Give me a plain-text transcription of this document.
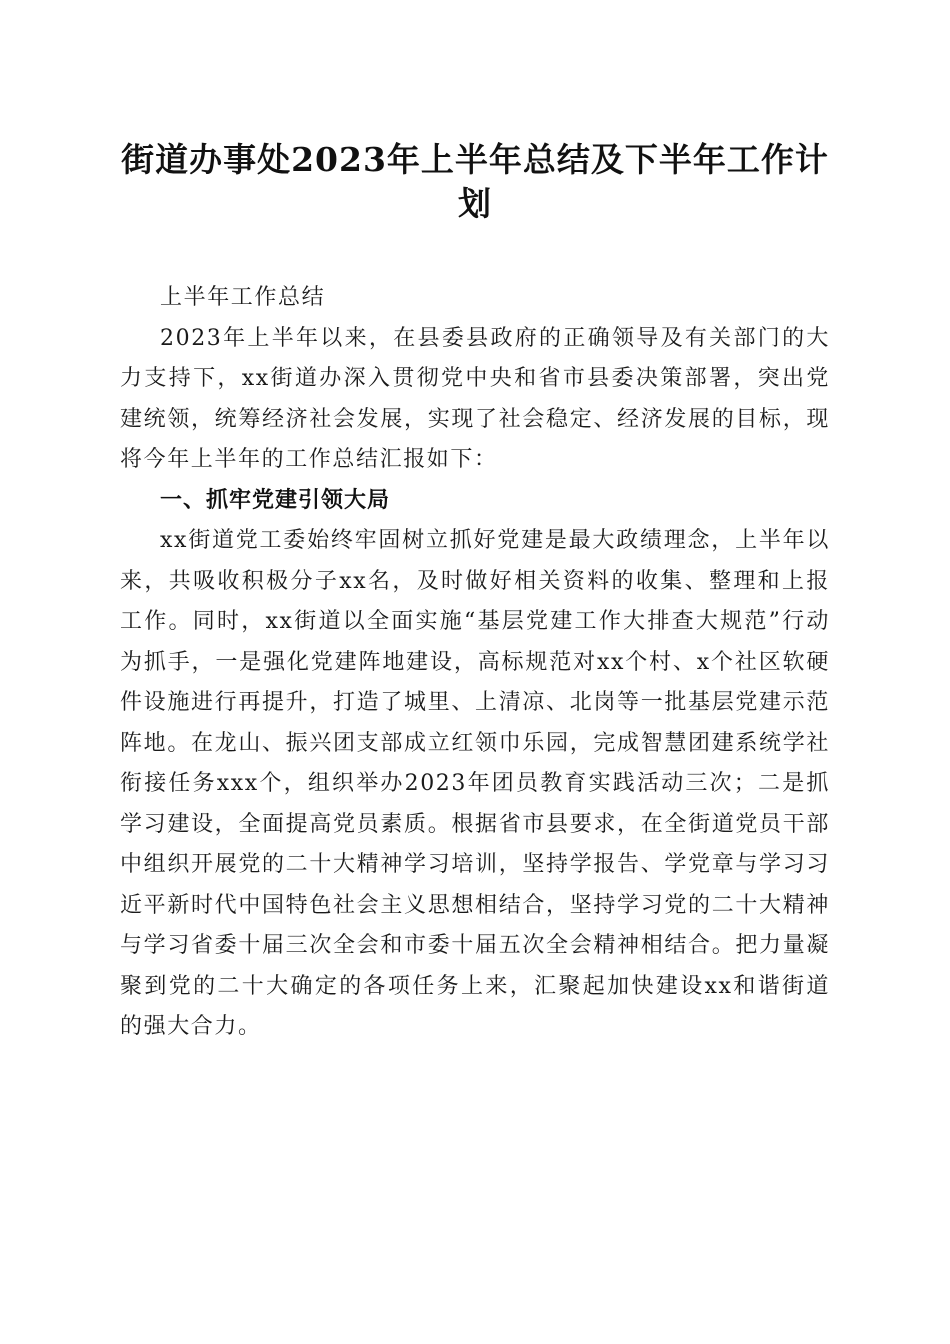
街道办事处2023年上半年总结及下半年工作计划

上半年工作总结

2023年上半年以来，在县委县政府的正确领导及有关部门的大力支持下，xx街道办深入贯彻党中央和省市县委决策部署，突出党建统领，统筹经济社会发展，实现了社会稳定、经济发展的目标，现将今年上半年的工作总结汇报如下：

一、抓牢党建引领大局

xx街道党工委始终牢固树立抓好党建是最大政绩理念，上半年以来，共吸收积极分子xx名，及时做好相关资料的收集、整理和上报工作。同时，xx街道以全面实施“基层党建工作大排查大规范”行动为抓手，一是强化党建阵地建设，高标规范对xx个村、x个社区软硬件设施进行再提升，打造了城里、上清凉、北岗等一批基层党建示范阵地。在龙山、振兴团支部成立红领巾乐园，完成智慧团建系统学社衔接任务xxx个，组织举办2023年团员教育实践活动三次；二是抓学习建设，全面提高党员素质。根据省市县要求，在全街道党员干部中组织开展党的二十大精神学习培训，坚持学报告、学党章与学习习近平新时代中国特色社会主义思想相结合，坚持学习党的二十大精神与学习省委十届三次全会和市委十届五次全会精神相结合。把力量凝聚到党的二十大确定的各项任务上来，汇聚起加快建设xx和谐街道的强大合力。
